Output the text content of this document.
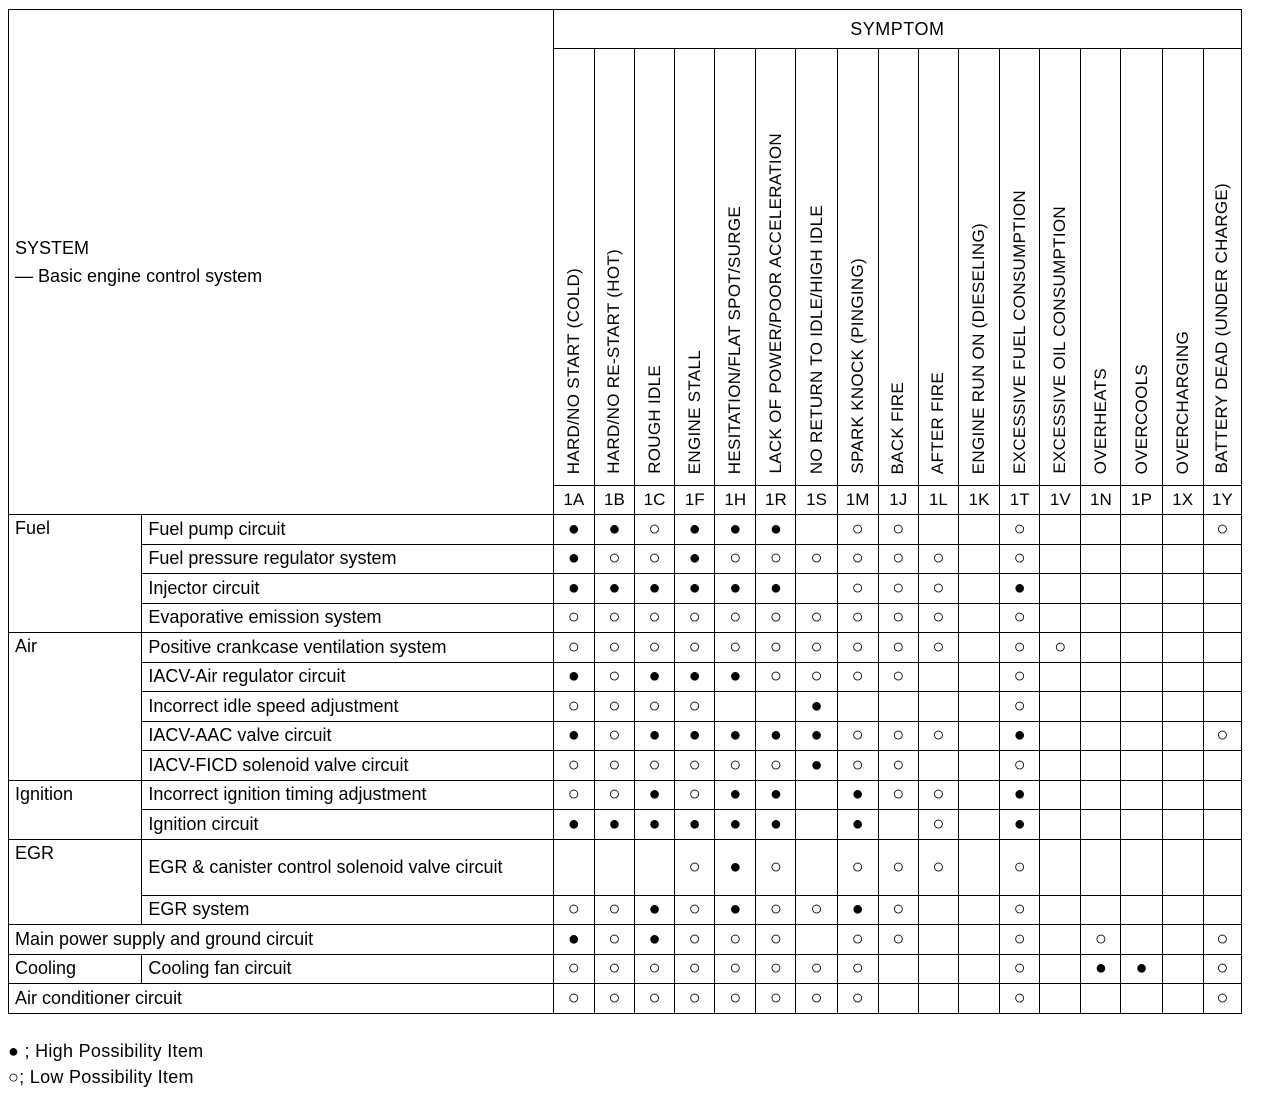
SYSTEM
— Basic engine control system		SYMPTOM																
		HARD/NO START (COLD)	HARD/NO RE-START (HOT)	ROUGH IDLE	ENGINE STALL	HESITATION/FLAT SPOT/SURGE	LACK OF POWER/POOR ACCELERATION	NO RETURN TO IDLE/HIGH IDLE	SPARK KNOCK (PINGING)	BACK FIRE	AFTER FIRE	ENGINE RUN ON (DIESELING)	EXCESSIVE FUEL CONSUMPTION	EXCESSIVE OIL CONSUMPTION	OVERHEATS	OVERCOOLS	OVERCHARGING	BATTERY DEAD (UNDER CHARGE)
		1A	1B	1C	1F	1H	1R	1S	1M	1J	1L	1K	1T	1V	1N	1P	1X	1Y
Fuel	Fuel pump circuit	●	●	○	●	●	●		○	○			○					○
	Fuel pressure regulator system	●	○	○	●	○	○	○	○	○	○		○					
	Injector circuit	●	●	●	●	●	●		○	○	○		●					
	Evaporative emission system	○	○	○	○	○	○	○	○	○	○		○					
Air	Positive crankcase ventilation system	○	○	○	○	○	○	○	○	○	○		○	○				
	IACV-Air regulator circuit	●	○	●	●	●	○	○	○	○			○					
	Incorrect idle speed adjustment	○	○	○	○			●					○					
	IACV-AAC valve circuit	●	○	●	●	●	●	●	○	○	○		●					○
	IACV-FICD solenoid valve circuit	○	○	○	○	○	○	●	○	○			○					
Ignition	Incorrect ignition timing adjustment	○	○	●	○	●	●		●	○	○		●					
	Ignition circuit	●	●	●	●	●	●		●		○		●					
EGR	EGR & canister control solenoid valve circuit				○	●	○		○	○	○		○					
	EGR system	○	○	●	○	●	○	○	●	○			○					
Main power supply and ground circuit		●	○	●	○	○	○		○	○			○		○			○
Cooling	Cooling fan circuit	○	○	○	○	○	○	○	○				○		●	●		○
Air conditioner circuit		○	○	○	○	○	○	○	○				○					○
● ; High Possibility Item
○; Low Possibility Item
